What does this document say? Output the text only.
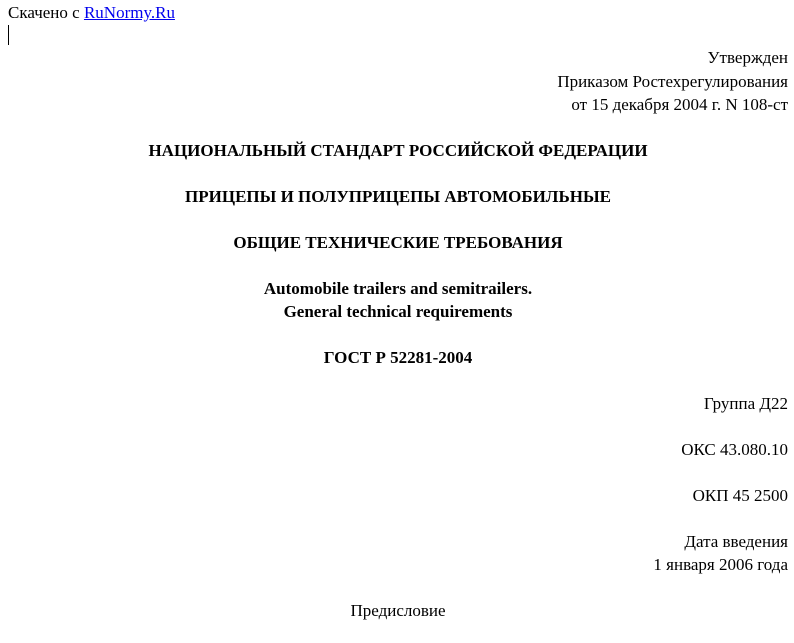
Скачено с RuNormy.Ru
Утвержден
Приказом Ростехрегулирования
от 15 декабря 2004 г. N 108-ст
НАЦИОНАЛЬНЫЙ СТАНДАРТ РОССИЙСКОЙ ФЕДЕРАЦИИ
ПРИЦЕПЫ И ПОЛУПРИЦЕПЫ АВТОМОБИЛЬНЫЕ
ОБЩИЕ ТЕХНИЧЕСКИЕ ТРЕБОВАНИЯ
Automobile trailers and semitrailers.
General technical requirements
ГОСТ Р 52281-2004
Группа Д22
ОКС 43.080.10
ОКП 45 2500
Дата введения
1 января 2006 года
Предисловие
